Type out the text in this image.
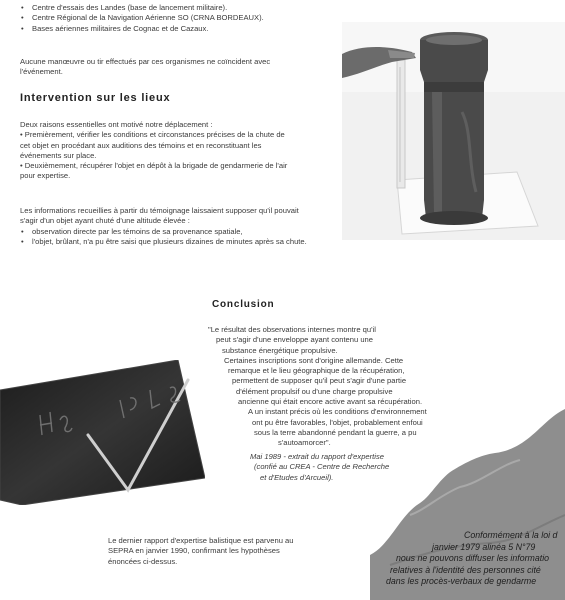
• Centre d'essais des Landes (base de lancement militaire).
• Centre Régional de la Navigation Aérienne SO (CRNA BORDEAUX).
• Bases aériennes militaires de Cognac et de Cazaux.
Aucune manœuvre ou tir effectués par ces organismes ne coïncident avec
l'événement.
Intervention sur les lieux
Deux raisons essentielles ont motivé notre déplacement :
• Premièrement, vérifier les conditions et circonstances précises de la chute de
cet objet en procédant aux auditions des témoins et en reconstituant les
événements sur place.
• Deuxièmement, récupérer l'objet en dépôt à la brigade de gendarmerie de l'air
pour expertise.
Les informations recueillies à partir du témoignage laissaient supposer qu'il pouvait
s'agir d'un objet ayant chuté d'une altitude élevée :
• observation directe par les témoins de sa provenance spatiale,
• l'objet, brûlant, n'a pu être saisi que plusieurs dizaines de minutes après sa chute.
Conclusion
"Le résultat des observations internes montre qu'il
peut s'agir d'une enveloppe ayant contenu une
substance énergétique propulsive.
Certaines inscriptions sont d'origine allemande. Cette
remarque et le lieu géographique de la récupération,
permettent de supposer qu'il peut s'agir d'une partie
d'élément propulsif ou d'une charge propulsive
ancienne qui était encore active avant sa récupération.
A un instant précis où les conditions d'environnement
ont pu être favorables, l'objet, probablement enfoui
sous la terre abandonné pendant la guerre, a pu
s'autoamorcer".
Mai 1989 - extrait du rapport d'expertise
(confié au CREA - Centre de Recherche
et d'Etudes d'Arcueil).
Le dernier rapport d'expertise balistique est parvenu au
SEPRA en janvier 1990, confirmant les hypothèses
énoncées ci-dessus.
Conformément à la loi d
janvier 1979 alinéa 5 N°79
nous ne pouvons diffuser les informatio
relatives à l'identité des personnes cité
dans les procès-verbaux de gendarme
